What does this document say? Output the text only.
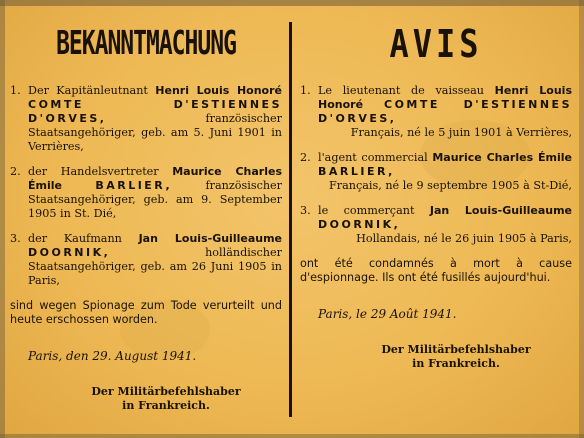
BEKANNTMACHUNG
1. Der Kapitänleutnant Henri Louis Honoré COMTE D'ESTIENNES D'ORVES,	französischer Staatsangehöriger, geb. am 5. Juni 1901 in Verrières,
2. der Handelsvertreter Maurice Charles Émile	BARLIER,	französischer Staatsangehöriger, geb. am 9. September 1905 in St. Dié,
3. der Kaufmann Jan Louis-Guilleaume DOORNIK,	holländischer Staatsangehöriger, geb. am 26 Juni 1905 in Paris,
sind wegen Spionage zum Tode verurteilt und heute erschossen worden.
Paris, den 29. August 1941.
Der Militärbefehlshaber
in Frankreich.
AVIS
1. Le lieutenant de vaisseau Henri Louis Honoré COMTE D'ESTIENNES D'ORVES,
Français, né le 5 juin 1901 à Verrières,
2. l'agent commercial Maurice Charles Émile BARLIER,
Français, né le 9 septembre 1905 à St-Dié,
3. le commerçant Jan Louis-Guilleaume DOORNIK,
Hollandais, né le 26 juin 1905 à Paris,
ont été condamnés à mort à cause d'espionnage. Ils ont été fusillés aujourd'hui.
Paris, le 29 Août 1941.
Der Militärbefehlshaber
in Frankreich.
